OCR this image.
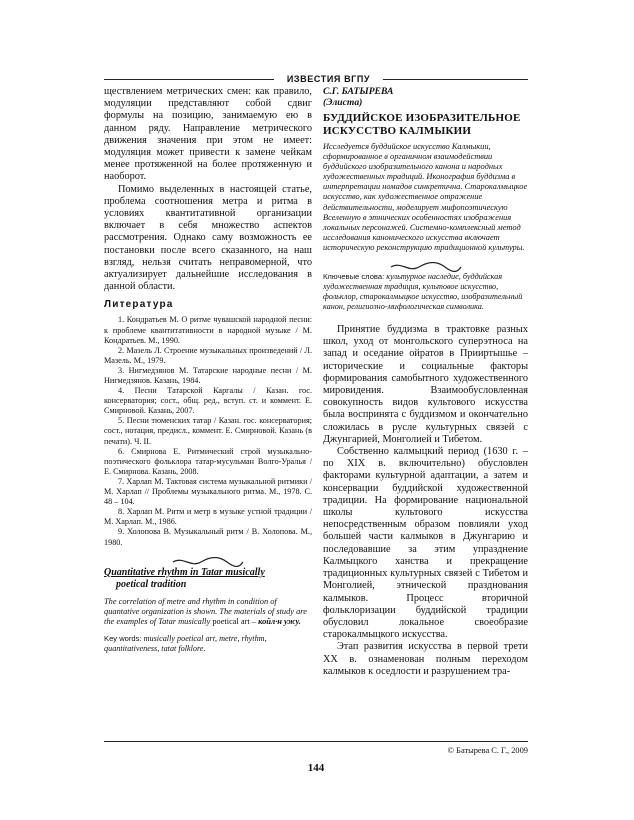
ИЗВЕСТИЯ ВГПУ

ществлением метрических смен: как правило, модуляции представляют собой сдвиг формулы на позицию, занимаемую ею в данном ряду. Направление метрического движения значения при этом не имеет: модуляция может привести к замене чейкам менее протяженной на более протяженную и наоборот.

Помимо выделенных в настоящей статье, проблема соотношения метра и ритма в условиях квантитативной организации включает в себя множество аспектов рассмотрения. Однако саму возможность ее постановки после всего сказанного, на наш взгляд, нельзя считать неправомерной, что актуализирует дальнейшие исследования в данной области.

Литература
1. Кондратьев М. О ритме чувашской народной песни: к проблеме квантитативности в народной музыке / М. Кондратьев. М., 1990.
2. Мазель Л. Строение музыкальных произведений / Л. Мазель. М., 1979.
3. Нигмедзянов М. Татарские народные песни / М. Нигмедзянов. Казань, 1984.
4. Песни Татарской Каргалы / Казан. гос. консерватория; сост., общ. ред., вступ. ст. и коммент. Е. Смирновой. Казань, 2007.
5. Песни тюменских татар / Казан. гос. консерватория; сост., нотация, предисл., коммент. Е. Смирновой. Казань (в печати). Ч. II.
6. Смирнова Е. Ритмический строй музыкально-поэтического фольклора татар-мусульман Волго-Уралья / Е. Смирнова. Казань, 2008.
7. Харлап М. Тактовая система музыкальной ритмики / М. Харлап // Проблемы музыкального ритма. М., 1978. С. 48 – 104.
8. Харлап М. Ритм и метр в музыке устной традиции / М. Харлап. М., 1986.
9. Холопова В. Музыкальный ритм / В. Холопова. М., 1980.

Quantitative rhythm in Tatar musically

poetical tradition

The correlation of metre and rhythm in condition of quantative organization is shown. The materials of study are the examples of Tatar musically poetical art – койл·н ужу.

Key words: musically poetical art, metre, rhythm, quantitativeness, tatat folklore.

С.Г. БАТЫРЕВА

(Элиста)

БУДДИЙСКОЕ ИЗОБРАЗИТЕЛЬНОЕ ИСКУССТВО КАЛМЫКИИ

Исследуется буддийское искусство Калмыкии, сформированное в органичном взаимодействии буддийского изобразительного канона и народных художественных традиций. Иконография буддизма в интерпретации номадов синкретична. Старокалмыцкое искусство, как художественное отражение действительности, моделирует мифопоэтическую Вселенную в этнических особенностях изображения локальных персонажей. Системно-комплексный метод исследования канонического искусства включает историческую реконструкцию традиционной культуры.

Ключевые слова: культурное наследие, буддийская художественная традиция, культовое искусство, фольклор, старокалмыцкое искусство, изобразительный канон, религиозно-мифологическая символика.

Принятие буддизма в трактовке разных школ, уход от монгольского суперэтноса на запад и оседание ойратов в Прииртышье – исторические и социальные факторы формирования самобытного художественного мировидения. Взаимообусловленная совокупность видов культового искусства была воспринята с буддизмом и окончательно сложилась в русле культурных связей с Джунгарией, Монголией и Тибетом.

Собственно калмыцкий период (1630 г. – по XIX в. включительно) обусловлен факторами культурной адаптации, а затем и консервации буддийской художественной традиции. На формирование национальной школы культового искусства непосредственным образом повлияли уход большей части калмыков в Джунгарию и последовавшие за этим упразднение Калмыцкого ханства и прекращение традиционных культурных связей с Тибетом и Монголией, этнической празднования калмыков. Процесс вторичной фольклоризации буддийской традиции обусловил локальное своеобразие старокалмыцкого искусства.

Этап развития искусства в первой трети XX в. ознаменован полным переходом калмыков к оседлости и разрушением тра-

© Батырева С. Г., 2009
144
